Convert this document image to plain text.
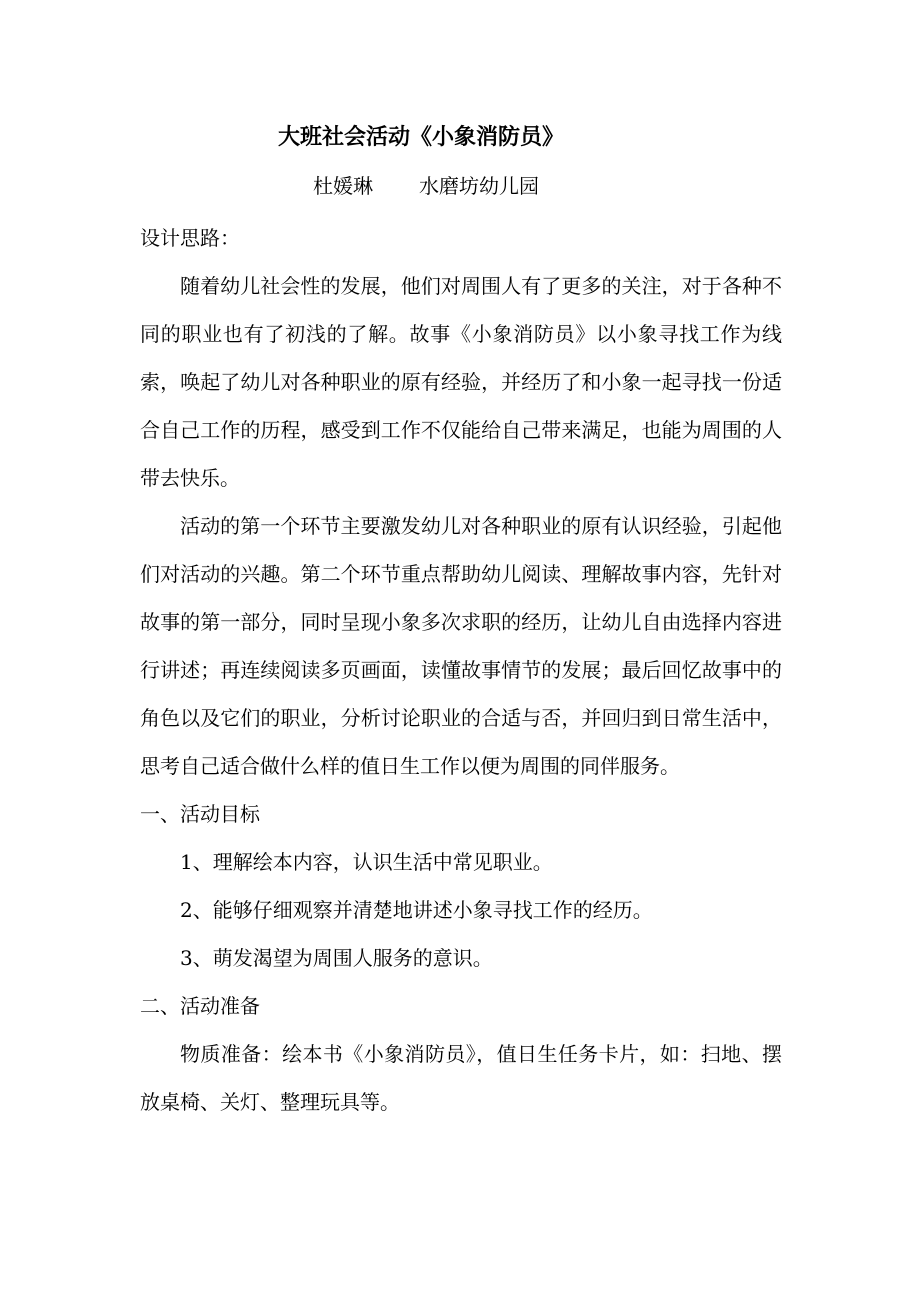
大班社会活动《小象消防员》
杜媛琳 水磨坊幼儿园

设计思路：

随着幼儿社会性的发展，他们对周围人有了更多的关注，对于各种不同的职业也有了初浅的了解。故事《小象消防员》以小象寻找工作为线索，唤起了幼儿对各种职业的原有经验，并经历了和小象一起寻找一份适合自己工作的历程，感受到工作不仅能给自己带来满足，也能为周围的人带去快乐。

活动的第一个环节主要激发幼儿对各种职业的原有认识经验，引起他们对活动的兴趣。第二个环节重点帮助幼儿阅读、理解故事内容，先针对故事的第一部分，同时呈现小象多次求职的经历，让幼儿自由选择内容进行讲述；再连续阅读多页画面，读懂故事情节的发展；最后回忆故事中的角色以及它们的职业，分析讨论职业的合适与否，并回归到日常生活中，思考自己适合做什么样的值日生工作以便为周围的同伴服务。

一、活动目标

1、理解绘本内容，认识生活中常见职业。

2、能够仔细观察并清楚地讲述小象寻找工作的经历。

3、萌发渴望为周围人服务的意识。

二、活动准备

物质准备：绘本书《小象消防员》，值日生任务卡片，如：扫地、摆放桌椅、关灯、整理玩具等。
